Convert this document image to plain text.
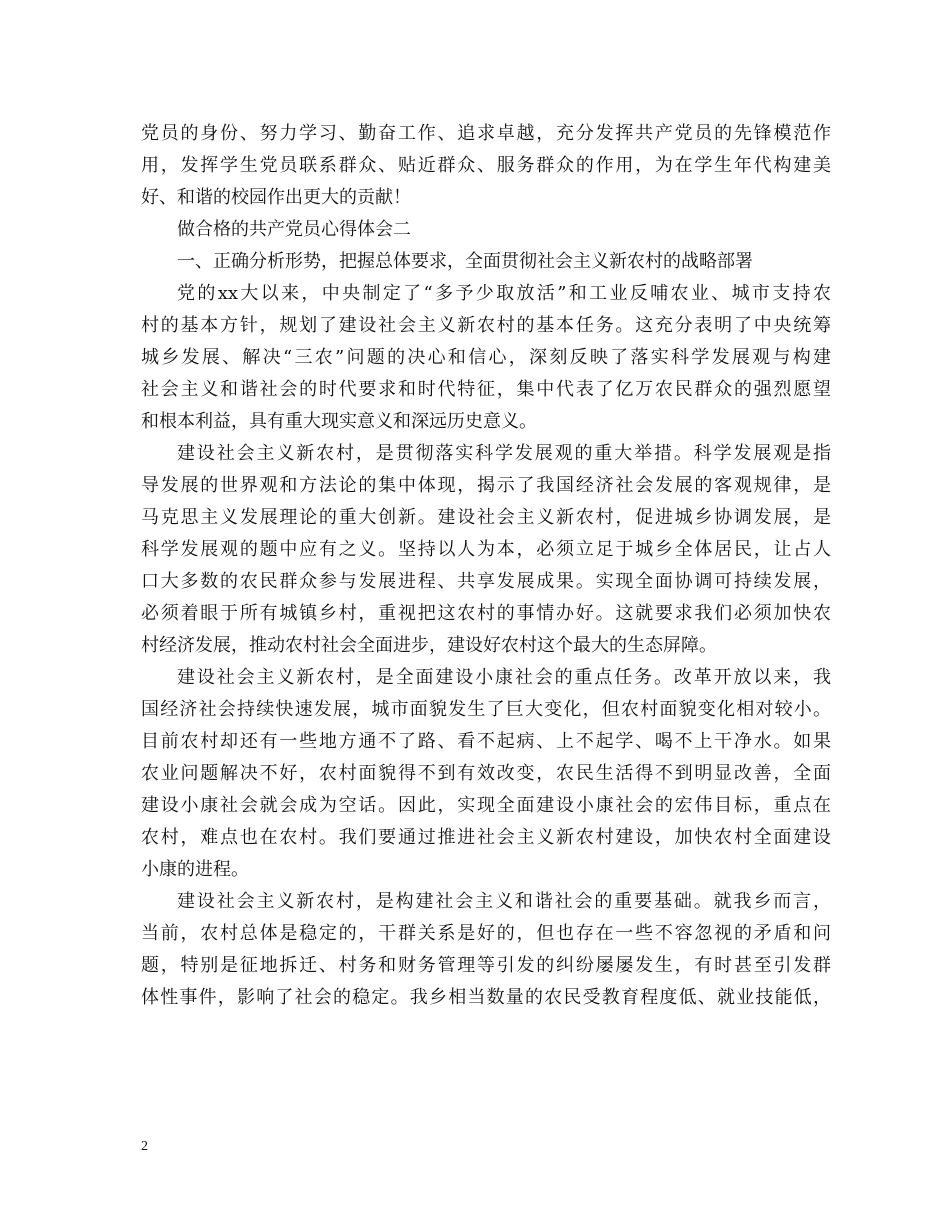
党员的身份、努力学习、勤奋工作、追求卓越，充分发挥共产党员的先锋模范作
用，发挥学生党员联系群众、贴近群众、服务群众的作用，为在学生年代构建美
好、和谐的校园作出更大的贡献！
做合格的共产党员心得体会二
一、正确分析形势，把握总体要求，全面贯彻社会主义新农村的战略部署
党的xx大以来，中央制定了“多予少取放活”和工业反哺农业、城市支持农
村的基本方针，规划了建设社会主义新农村的基本任务。这充分表明了中央统筹
城乡发展、解决“三农”问题的决心和信心，深刻反映了落实科学发展观与构建
社会主义和谐社会的时代要求和时代特征，集中代表了亿万农民群众的强烈愿望
和根本利益，具有重大现实意义和深远历史意义。
建设社会主义新农村，是贯彻落实科学发展观的重大举措。科学发展观是指
导发展的世界观和方法论的集中体现，揭示了我国经济社会发展的客观规律，是
马克思主义发展理论的重大创新。建设社会主义新农村，促进城乡协调发展，是
科学发展观的题中应有之义。坚持以人为本，必须立足于城乡全体居民，让占人
口大多数的农民群众参与发展进程、共享发展成果。实现全面协调可持续发展，
必须着眼于所有城镇乡村，重视把这农村的事情办好。这就要求我们必须加快农
村经济发展，推动农村社会全面进步，建设好农村这个最大的生态屏障。
建设社会主义新农村，是全面建设小康社会的重点任务。改革开放以来，我
国经济社会持续快速发展，城市面貌发生了巨大变化，但农村面貌变化相对较小。
目前农村却还有一些地方通不了路、看不起病、上不起学、喝不上干净水。如果
农业问题解决不好，农村面貌得不到有效改变，农民生活得不到明显改善，全面
建设小康社会就会成为空话。因此，实现全面建设小康社会的宏伟目标，重点在
农村，难点也在农村。我们要通过推进社会主义新农村建设，加快农村全面建设
小康的进程。
建设社会主义新农村，是构建社会主义和谐社会的重要基础。就我乡而言，
当前，农村总体是稳定的，干群关系是好的，但也存在一些不容忽视的矛盾和问
题，特别是征地拆迁、村务和财务管理等引发的纠纷屡屡发生，有时甚至引发群
体性事件，影响了社会的稳定。我乡相当数量的农民受教育程度低、就业技能低，
2
